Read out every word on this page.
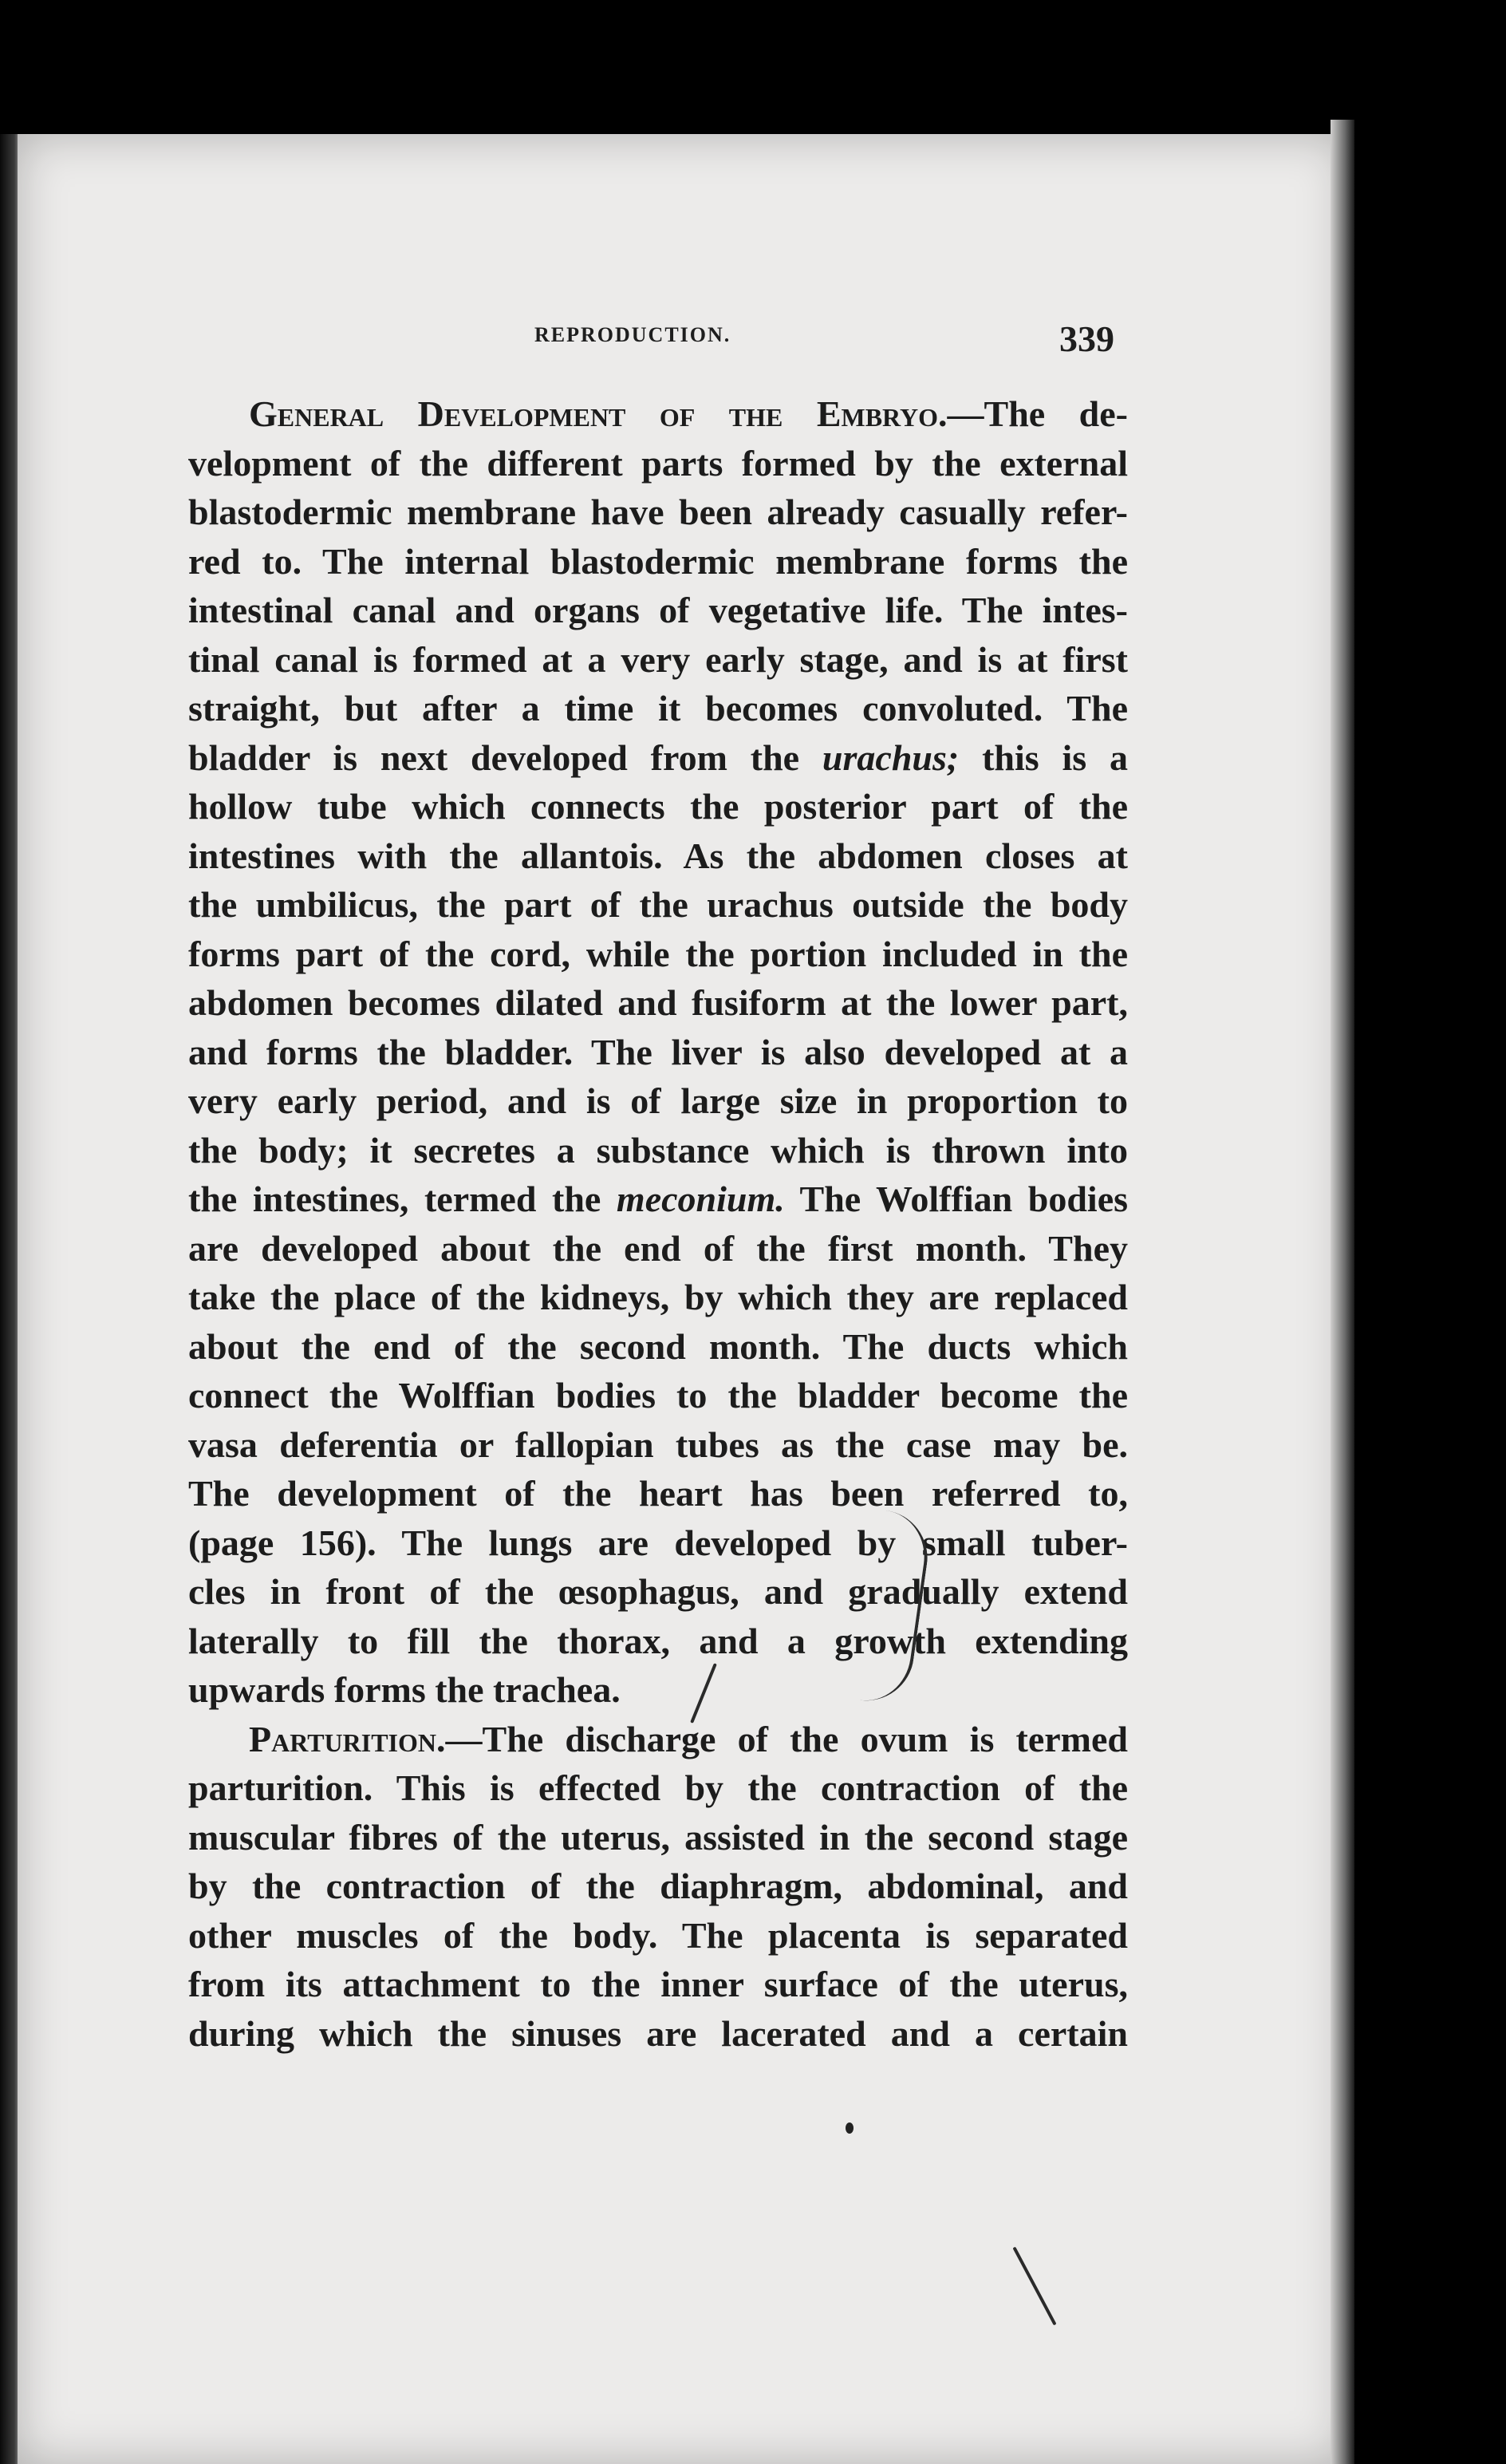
REPRODUCTION.	339
General Development of the Embryo.—The de-
velopment of the different parts formed by the external
blastodermic membrane have been already casually refer-
red to. The internal blastodermic membrane forms the
intestinal canal and organs of vegetative life. The intes-
tinal canal is formed at a very early stage, and is at first
straight, but after a time it becomes convoluted. The
bladder is next developed from the urachus; this is a
hollow tube which connects the posterior part of the
intestines with the allantois. As the abdomen closes at
the umbilicus, the part of the urachus outside the body
forms part of the cord, while the portion included in the
abdomen becomes dilated and fusiform at the lower part,
and forms the bladder. The liver is also developed at a
very early period, and is of large size in proportion to
the body; it secretes a substance which is thrown into
the intestines, termed the meconium. The Wolffian bodies
are developed about the end of the first month. They
take the place of the kidneys, by which they are replaced
about the end of the second month. The ducts which
connect the Wolffian bodies to the bladder become the
vasa deferentia or fallopian tubes as the case may be.
The development of the heart has been referred to,
(page 156). The lungs are developed by small tuber-
cles in front of the œsophagus, and gradually extend
laterally to fill the thorax, and a growth extending
upwards forms the trachea.
Parturition.—The discharge of the ovum is termed
parturition. This is effected by the contraction of the
muscular fibres of the uterus, assisted in the second stage
by the contraction of the diaphragm, abdominal, and
other muscles of the body. The placenta is separated
from its attachment to the inner surface of the uterus,
during which the sinuses are lacerated and a certain
